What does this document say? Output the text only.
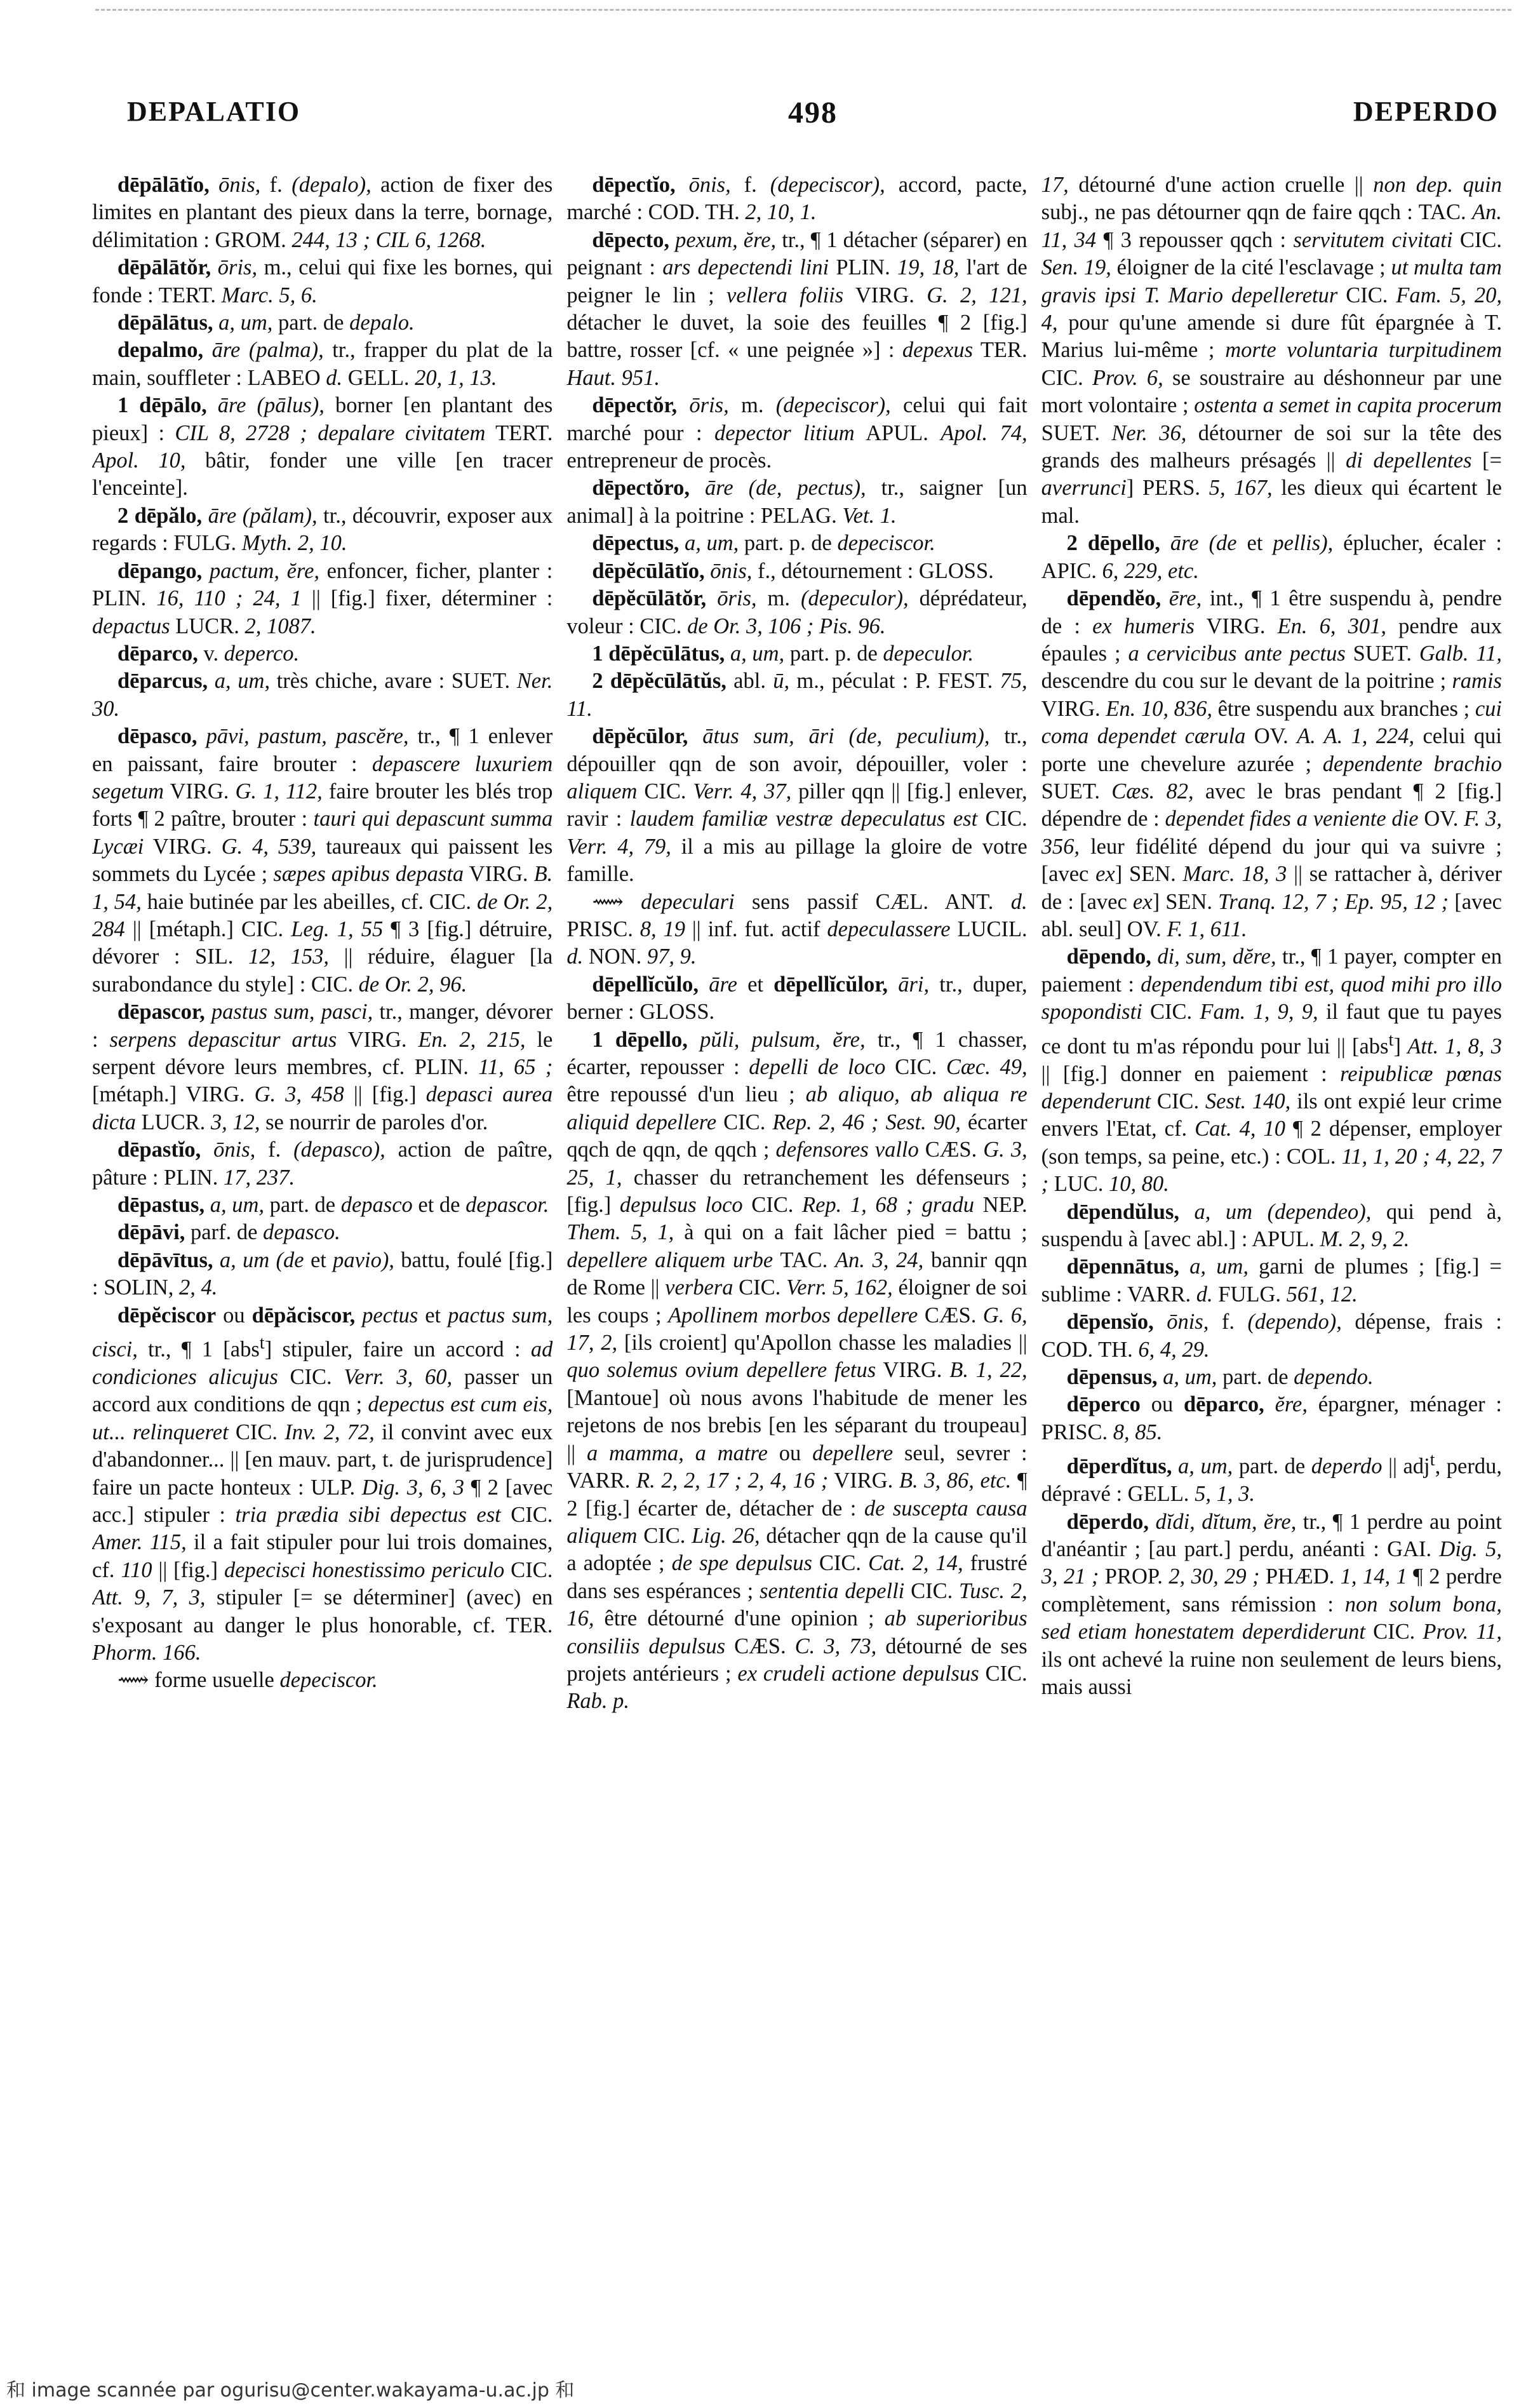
DEPALATIO	498	DEPERDO

dēpālātĭo, ōnis, f. (depalo), action de fixer des limites en plantant des pieux dans la terre, bornage, délimitation : GROM. 244, 13 ; CIL 6, 1268.

dēpālātŏr, ōris, m., celui qui fixe les bornes, qui fonde : TERT. Marc. 5, 6.

dēpālātus, a, um, part. de depalo.

depalmo, āre (palma), tr., frapper du plat de la main, souffleter : LABEO d. GELL. 20, 1, 13.

1 dēpālo, āre (pālus), borner [en plantant des pieux] : CIL 8, 2728 ; depalare civitatem TERT. Apol. 10, bâtir, fonder une ville [en tracer l'enceinte].

2 dēpălo, āre (pălam), tr., découvrir, exposer aux regards : FULG. Myth. 2, 10.

dēpango, pactum, ĕre, enfoncer, ficher, planter : PLIN. 16, 110 ; 24, 1 || [fig.] fixer, déterminer : depactus LUCR. 2, 1087.

dēparco, v. deperco.

dēparcus, a, um, très chiche, avare : SUET. Ner. 30.

dēpasco, pāvi, pastum, pascĕre, tr., ¶ 1 enlever en paissant, faire brouter : depascere luxuriem segetum VIRG. G. 1, 112, faire brouter les blés trop forts ¶ 2 paître, brouter : tauri qui depascunt summa Lycæi VIRG. G. 4, 539, taureaux qui paissent les sommets du Lycée ; sæpes apibus depasta VIRG. B. 1, 54, haie butinée par les abeilles, cf. CIC. de Or. 2, 284 || [métaph.] CIC. Leg. 1, 55 ¶ 3 [fig.] détruire, dévorer : SIL. 12, 153, || réduire, élaguer [la surabondance du style] : CIC. de Or. 2, 96.

dēpascor, pastus sum, pasci, tr., manger, dévorer : serpens depascitur artus VIRG. En. 2, 215, le serpent dévore leurs membres, cf. PLIN. 11, 65 ; [métaph.] VIRG. G. 3, 458 || [fig.] depasci aurea dicta LUCR. 3, 12, se nourrir de paroles d'or.

dēpastĭo, ōnis, f. (depasco), action de paître, pâture : PLIN. 17, 237.

dēpastus, a, um, part. de depasco et de depascor.

dēpāvi, parf. de depasco.

dēpāvītus, a, um (de et pavio), battu, foulé [fig.] : SOLIN, 2, 4.

dēpĕciscor ou dēpăciscor, pectus et pactus sum, cisci, tr., ¶ 1 [abs$^t$] stipuler, faire un accord : ad condiciones alicujus CIC. Verr. 3, 60, passer un accord aux conditions de qqn ; depectus est cum eis, ut... relinqueret CIC. Inv. 2, 72, il convint avec eux d'abandonner... || [en mauv. part, t. de jurisprudence] faire un pacte honteux : ULP. Dig. 3, 6, 3 ¶ 2 [avec acc.] stipuler : tria prædia sibi depectus est CIC. Amer. 115, il a fait stipuler pour lui trois domaines, cf. 110 || [fig.] depecisci honestissimo periculo CIC. Att. 9, 7, 3, stipuler [= se déterminer] (avec) en s'exposant au danger le plus honorable, cf. TER. Phorm. 166.

⟿ forme usuelle depeciscor.

dēpectĭo, ōnis, f. (depeciscor), accord, pacte, marché : COD. TH. 2, 10, 1.

dēpecto, pexum, ĕre, tr., ¶ 1 détacher (séparer) en peignant : ars depectendi lini PLIN. 19, 18, l'art de peigner le lin ; vellera foliis VIRG. G. 2, 121, détacher le duvet, la soie des feuilles ¶ 2 [fig.] battre, rosser [cf. « une peignée »] : depexus TER. Haut. 951.

dēpectŏr, ōris, m. (depeciscor), celui qui fait marché pour : depector litium APUL. Apol. 74, entrepreneur de procès.

dēpectŏro, āre (de, pectus), tr., saigner [un animal] à la poitrine : PELAG. Vet. 1.

dēpectus, a, um, part. p. de depeciscor.

dēpĕcūlātĭo, ōnis, f., détournement : GLOSS.

dēpĕcūlātŏr, ōris, m. (depeculor), déprédateur, voleur : CIC. de Or. 3, 106 ; Pis. 96.

1 dēpĕcūlātus, a, um, part. p. de depeculor.

2 dēpĕcūlātŭs, abl. ū, m., péculat : P. FEST. 75, 11.

dēpĕcūlor, ātus sum, āri (de, peculium), tr., dépouiller qqn de son avoir, dépouiller, voler : aliquem CIC. Verr. 4, 37, piller qqn || [fig.] enlever, ravir : laudem familiæ vestræ depeculatus est CIC. Verr. 4, 79, il a mis au pillage la gloire de votre famille.

⟿ depeculari sens passif CÆL. ANT. d. PRISC. 8, 19 || inf. fut. actif depeculassere LUCIL. d. NON. 97, 9.

dēpellĭcŭlo, āre et dēpellĭcŭlor, āri, tr., duper, berner : GLOSS.

1 dēpello, pŭli, pulsum, ĕre, tr., ¶ 1 chasser, écarter, repousser : depelli de loco CIC. Cæc. 49, être repoussé d'un lieu ; ab aliquo, ab aliqua re aliquid depellere CIC. Rep. 2, 46 ; Sest. 90, écarter qqch de qqn, de qqch ; defensores vallo CÆS. G. 3, 25, 1, chasser du retranchement les défenseurs ; [fig.] depulsus loco CIC. Rep. 1, 68 ; gradu NEP. Them. 5, 1, à qui on a fait lâcher pied = battu ; depellere aliquem urbe TAC. An. 3, 24, bannir qqn de Rome || verbera CIC. Verr. 5, 162, éloigner de soi les coups ; Apollinem morbos depellere CÆS. G. 6, 17, 2, [ils croient] qu'Apollon chasse les maladies || quo solemus ovium depellere fetus VIRG. B. 1, 22, [Mantoue] où nous avons l'habitude de mener les rejetons de nos brebis [en les séparant du troupeau] || a mamma, a matre ou depellere seul, sevrer : VARR. R. 2, 2, 17 ; 2, 4, 16 ; VIRG. B. 3, 86, etc. ¶ 2 [fig.] écarter de, détacher de : de suscepta causa aliquem CIC. Lig. 26, détacher qqn de la cause qu'il a adoptée ; de spe depulsus CIC. Cat. 2, 14, frustré dans ses espérances ; sententia depelli CIC. Tusc. 2, 16, être détourné d'une opinion ; ab superioribus consiliis depulsus CÆS. C. 3, 73, détourné de ses projets antérieurs ; ex crudeli actione depulsus CIC. Rab. p.

17, détourné d'une action cruelle || non dep. quin subj., ne pas détourner qqn de faire qqch : TAC. An. 11, 34 ¶ 3 repousser qqch : servitutem civitati CIC. Sen. 19, éloigner de la cité l'esclavage ; ut multa tam gravis ipsi T. Mario depelleretur CIC. Fam. 5, 20, 4, pour qu'une amende si dure fût épargnée à T. Marius lui-même ; morte voluntaria turpitudinem CIC. Prov. 6, se soustraire au déshonneur par une mort volontaire ; ostenta a semet in capita procerum SUET. Ner. 36, détourner de soi sur la tête des grands des malheurs présagés || di depellentes [= averrunci] PERS. 5, 167, les dieux qui écartent le mal.

2 dēpello, āre (de et pellis), éplucher, écaler : APIC. 6, 229, etc.

dēpendĕo, ēre, int., ¶ 1 être suspendu à, pendre de : ex humeris VIRG. En. 6, 301, pendre aux épaules ; a cervicibus ante pectus SUET. Galb. 11, descendre du cou sur le devant de la poitrine ; ramis VIRG. En. 10, 836, être suspendu aux branches ; cui coma dependet cærula OV. A. A. 1, 224, celui qui porte une chevelure azurée ; dependente brachio SUET. Cæs. 82, avec le bras pendant ¶ 2 [fig.] dépendre de : dependet fides a veniente die OV. F. 3, 356, leur fidélité dépend du jour qui va suivre ; [avec ex] SEN. Marc. 18, 3 || se rattacher à, dériver de : [avec ex] SEN. Tranq. 12, 7 ; Ep. 95, 12 ; [avec abl. seul] OV. F. 1, 611.

dēpendo, di, sum, dĕre, tr., ¶ 1 payer, compter en paiement : dependendum tibi est, quod mihi pro illo spopondisti CIC. Fam. 1, 9, 9, il faut que tu payes ce dont tu m'as répondu pour lui || [abs$^t$] Att. 1, 8, 3 || [fig.] donner en paiement : reipublicæ pœnas dependerunt CIC. Sest. 140, ils ont expié leur crime envers l'Etat, cf. Cat. 4, 10 ¶ 2 dépenser, employer (son temps, sa peine, etc.) : COL. 11, 1, 20 ; 4, 22, 7 ; LUC. 10, 80.

dēpendŭlus, a, um (dependeo), qui pend à, suspendu à [avec abl.] : APUL. M. 2, 9, 2.

dēpennātus, a, um, garni de plumes ; [fig.] = sublime : VARR. d. FULG. 561, 12.

dēpensĭo, ōnis, f. (dependo), dépense, frais : COD. TH. 6, 4, 29.

dēpensus, a, um, part. de dependo.

dēperco ou dēparco, ĕre, épargner, ménager : PRISC. 8, 85.

dēperdĭtus, a, um, part. de deperdo || adj$^t$, perdu, dépravé : GELL. 5, 1, 3.

dēperdo, dĭdi, dĭtum, ĕre, tr., ¶ 1 perdre au point d'anéantir ; [au part.] perdu, anéanti : GAI. Dig. 5, 3, 21 ; PROP. 2, 30, 29 ; PHÆD. 1, 14, 1 ¶ 2 perdre complètement, sans rémission : non solum bona, sed etiam honestatem deperdiderunt CIC. Prov. 11, ils ont achevé la ruine non seulement de leurs biens, mais aussi

和 image scannée par ogurisu@center.wakayama-u.ac.jp 和
